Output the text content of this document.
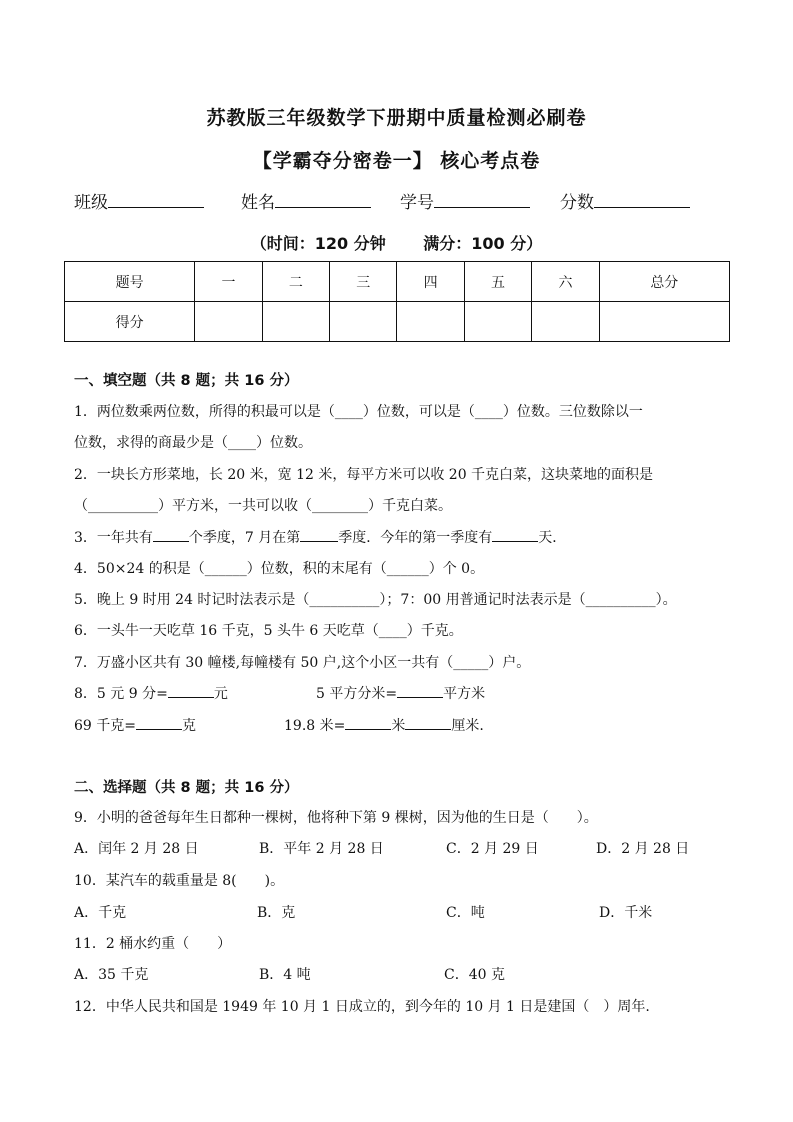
苏教版三年级数学下册期中质量检测必刷卷
【学霸夺分密卷一】 核心考点卷
班级	姓名	学号	分数
（时间：120 分钟　　 满分：100 分）
题号	一	二	三	四	五	六	总分
得分							
一、填空题（共 8 题；共 16 分）
1．两位数乘两位数，所得的积最可以是（____）位数，可以是（____）位数。三位数除以一
位数，求得的商最少是（____）位数。
2．一块长方形菜地，长 20 米，宽 12 米，每平方米可以收 20 千克白菜，这块菜地的面积是
（__________）平方米，一共可以收（________）千克白菜。
3．一年共有	个季度，7 月在第	季度．今年的第一季度有	天．
4．50×24 的积是（______）位数，积的末尾有（______）个 0。
5．晚上 9 时用 24 时记时法表示是（__________）；7：00 用普通记时法表示是（__________）。
6．一头牛一天吃草 16 千克，5 头牛 6 天吃草（____）千克。
7．万盛小区共有 30 幢楼,每幢楼有 50 户,这个小区一共有（_____）户。
8．5 元 9 分=	元	5 平方分米=	平方米
69 千克=	克	19.8 米=	米	厘米.
二、选择题（共 8 题；共 16 分）
9．小明的爸爸每年生日都种一棵树，他将种下第 9 棵树，因为他的生日是（　　）。
A．闰年 2 月 28 日	B．平年 2 月 28 日	C．2 月 29 日	D．2 月 28 日
10．某汽车的载重量是 8(　　)。
A．千克	B．克	C．吨	D．千米
11．2 桶水约重（　　）
A．35 千克	B．4 吨	C．40 克
12．中华人民共和国是 1949 年 10 月 1 日成立的，到今年的 10 月 1 日是建国（　）周年.
